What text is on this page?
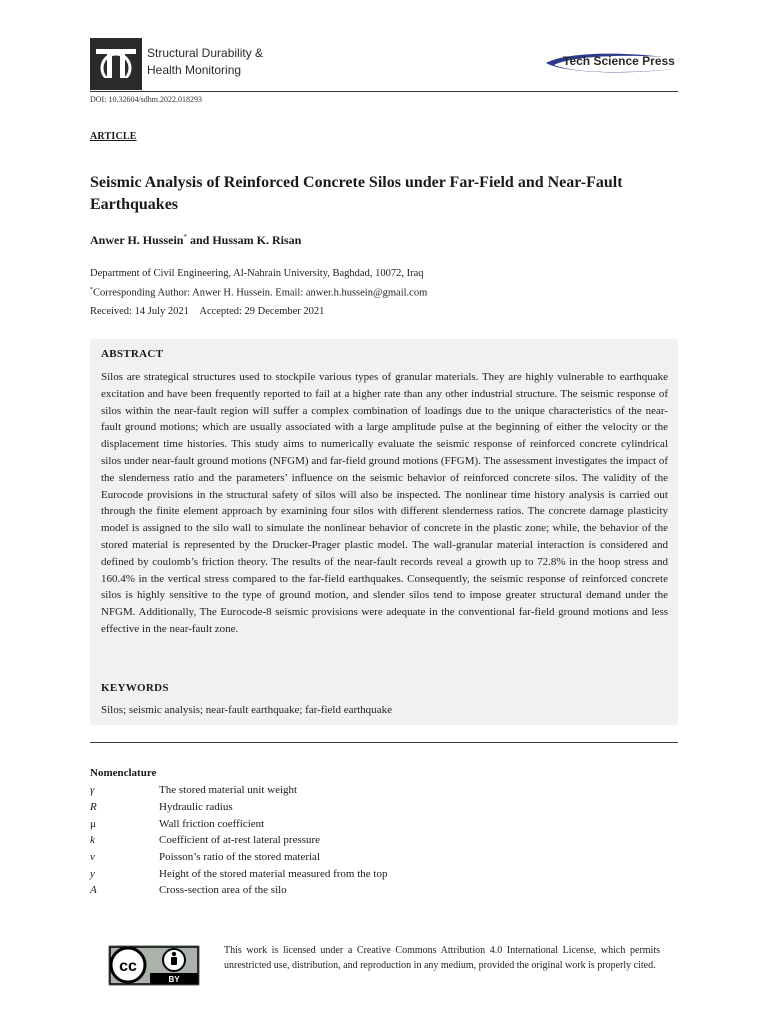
Structural Durability &
Health Monitoring
Tech Science Press
DOI: 10.32604/sdhm.2022.018293
ARTICLE
Seismic Analysis of Reinforced Concrete Silos under Far-Field and Near-Fault Earthquakes
Anwer H. Hussein* and Hussam K. Risan
Department of Civil Engineering, Al-Nahrain University, Baghdad, 10072, Iraq
*Corresponding Author: Anwer H. Hussein. Email: anwer.h.hussein@gmail.com
Received: 14 July 2021 Accepted: 29 December 2021
ABSTRACT
Silos are strategical structures used to stockpile various types of granular materials. They are highly vulnerable to earthquake excitation and have been frequently reported to fail at a higher rate than any other industrial structure. The seismic response of silos within the near-fault region will suffer a complex combination of loadings due to the unique characteristics of the near-fault ground motions; which are usually associated with a large amplitude pulse at the beginning of either the velocity or the displacement time histories. This study aims to numerically evaluate the seismic response of reinforced concrete cylindrical silos under near-fault ground motions (NFGM) and far-field ground motions (FFGM). The assessment investigates the impact of the slenderness ratio and the parameters’ influence on the seismic behavior of reinforced concrete silos. The validity of the Eurocode provisions in the structural safety of silos will also be inspected. The nonlinear time history analysis is carried out through the finite element approach by examining four silos with different slenderness ratios. The concrete damage plasticity model is assigned to the silo wall to simulate the nonlinear behavior of concrete in the plastic zone; while, the behavior of the stored material is represented by the Drucker-Prager plastic model. The wall-granular material interaction is considered and defined by coulomb’s friction theory. The results of the near-fault records reveal a growth up to 72.8% in the hoop stress and 160.4% in the vertical stress compared to the far-field earthquakes. Consequently, the seismic response of reinforced concrete silos is highly sensitive to the type of ground motion, and slender silos tend to impose greater structural demand under the NFGM. Additionally, The Eurocode-8 seismic provisions were adequate in the conventional far-field ground motions and less effective in the near-fault zone.
KEYWORDS
Silos; seismic analysis; near-fault earthquake; far-field earthquake
Nomenclature
γ	The stored material unit weight
R	Hydraulic radius
μ	Wall friction coefficient
k	Coefficient of at-rest lateral pressure
v	Poisson’s ratio of the stored material
y	Height of the stored material measured from the top
A	Cross-section area of the silo
cc
BY
This work is licensed under a Creative Commons Attribution 4.0 International License, which permits unrestricted use, distribution, and reproduction in any medium, provided the original work is properly cited.
